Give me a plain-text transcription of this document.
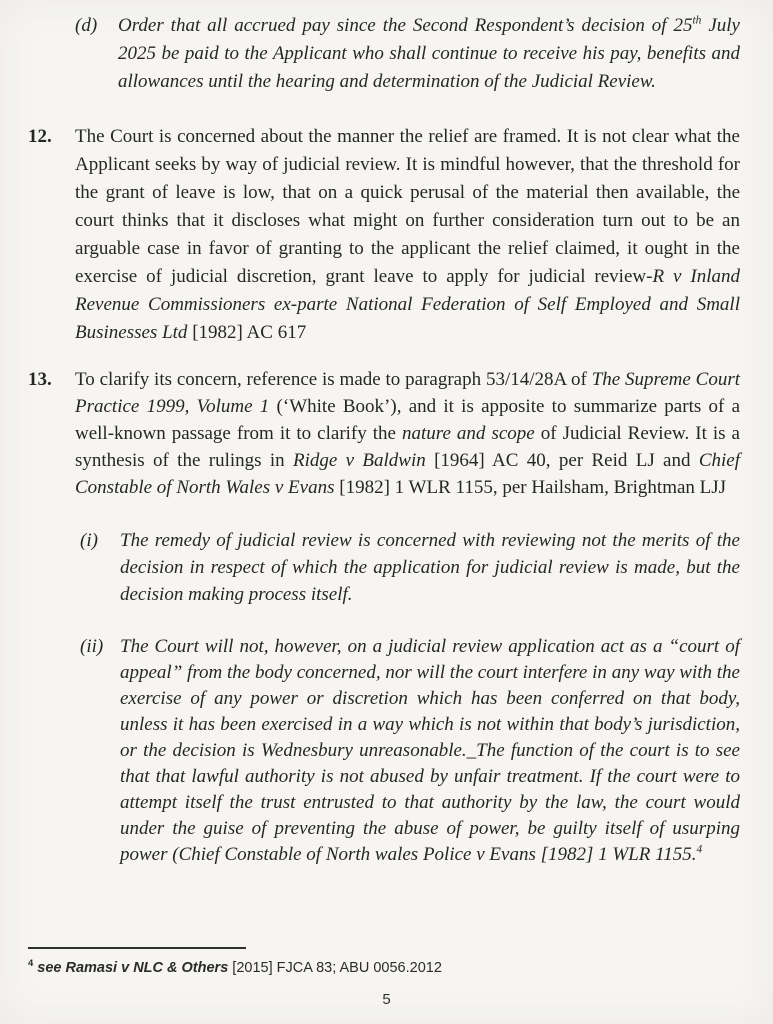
(d)	Order that all accrued pay since the Second Respondent’s decision of 25th July 2025 be paid to the Applicant who shall continue to receive his pay, benefits and allowances until the hearing and determination of the Judicial Review.

12.	The Court is concerned about the manner the relief are framed. It is not clear what the Applicant seeks by way of judicial review. It is mindful however, that the threshold for the grant of leave is low, that on a quick perusal of the material then available, the court thinks that it discloses what might on further consideration turn out to be an arguable case in favor of granting to the applicant the relief claimed, it ought in the exercise of judicial discretion, grant leave to apply for judicial review-R v Inland Revenue Commissioners ex-parte National Federation of Self Employed and Small Businesses Ltd [1982] AC 617

13.	To clarify its concern, reference is made to paragraph 53/14/28A of The Supreme Court Practice 1999, Volume 1 (‘White Book’), and it is apposite to summarize parts of a well-known passage from it to clarify the nature and scope of Judicial Review. It is a synthesis of the rulings in Ridge v Baldwin [1964] AC 40, per Reid LJ and Chief Constable of North Wales v Evans [1982] 1 WLR 1155, per Hailsham, Brightman LJJ

(i)	The remedy of judicial review is concerned with reviewing not the merits of the decision in respect of which the application for judicial review is made, but the decision making process itself.

(ii) The Court will not, however, on a judicial review application act as a “court of appeal” from the body concerned, nor will the court interfere in any way with the exercise of any power or discretion which has been conferred on that body, unless it has been exercised in a way which is not within that body’s jurisdiction, or the decision is Wednesbury unreasonable._The function of the court is to see that that lawful authority is not abused by unfair treatment. If the court were to attempt itself the trust entrusted to that authority by the law, the court would under the guise of preventing the abuse of power, be guilty itself of usurping power (Chief Constable of North wales Police v Evans [1982] 1 WLR 1155.$^4$

$^4$ see Ramasi v NLC & Others [2015] FJCA 83; ABU 0056.2012

5
